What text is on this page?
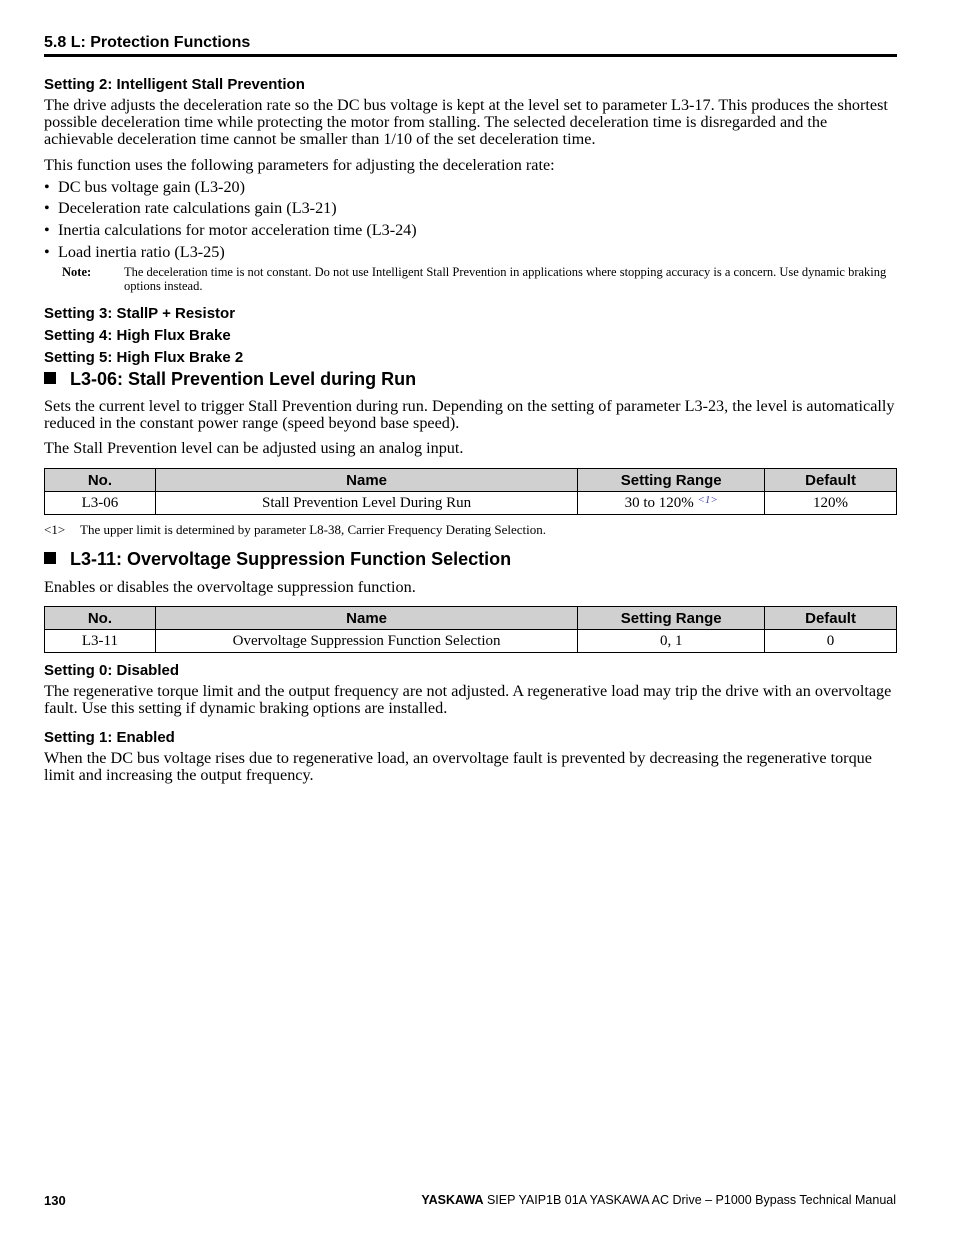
5.8 L: Protection Functions
Setting 2: Intelligent Stall Prevention
The drive adjusts the deceleration rate so the DC bus voltage is kept at the level set to parameter L3-17. This produces the shortest possible deceleration time while protecting the motor from stalling. The selected deceleration time is disregarded and the achievable deceleration time cannot be smaller than 1/10 of the set deceleration time.
This function uses the following parameters for adjusting the deceleration rate:
• DC bus voltage gain (L3-20)
• Deceleration rate calculations gain (L3-21)
• Inertia calculations for motor acceleration time (L3-24)
• Load inertia ratio (L3-25)
Note:	The deceleration time is not constant. Do not use Intelligent Stall Prevention in applications where stopping accuracy is a concern. Use dynamic braking options instead.
Setting 3: StallP + Resistor
Setting 4: High Flux Brake
Setting 5: High Flux Brake 2
L3-06: Stall Prevention Level during Run
Sets the current level to trigger Stall Prevention during run. Depending on the setting of parameter L3-23, the level is automatically reduced in the constant power range (speed beyond base speed).
The Stall Prevention level can be adjusted using an analog input.
No.	Name	Setting Range	Default
L3-06	Stall Prevention Level During Run	30 to 120% $^{<1>}$	120%
<1> The upper limit is determined by parameter L8-38, Carrier Frequency Derating Selection.
L3-11: Overvoltage Suppression Function Selection
Enables or disables the overvoltage suppression function.
No.	Name	Setting Range	Default
L3-11	Overvoltage Suppression Function Selection	0, 1	0
Setting 0: Disabled
The regenerative torque limit and the output frequency are not adjusted. A regenerative load may trip the drive with an overvoltage fault. Use this setting if dynamic braking options are installed.
Setting 1: Enabled
When the DC bus voltage rises due to regenerative load, an overvoltage fault is prevented by decreasing the regenerative torque limit and increasing the output frequency.
130	YASKAWA SIEP YAIP1B 01A YASKAWA AC Drive – P1000 Bypass Technical Manual
